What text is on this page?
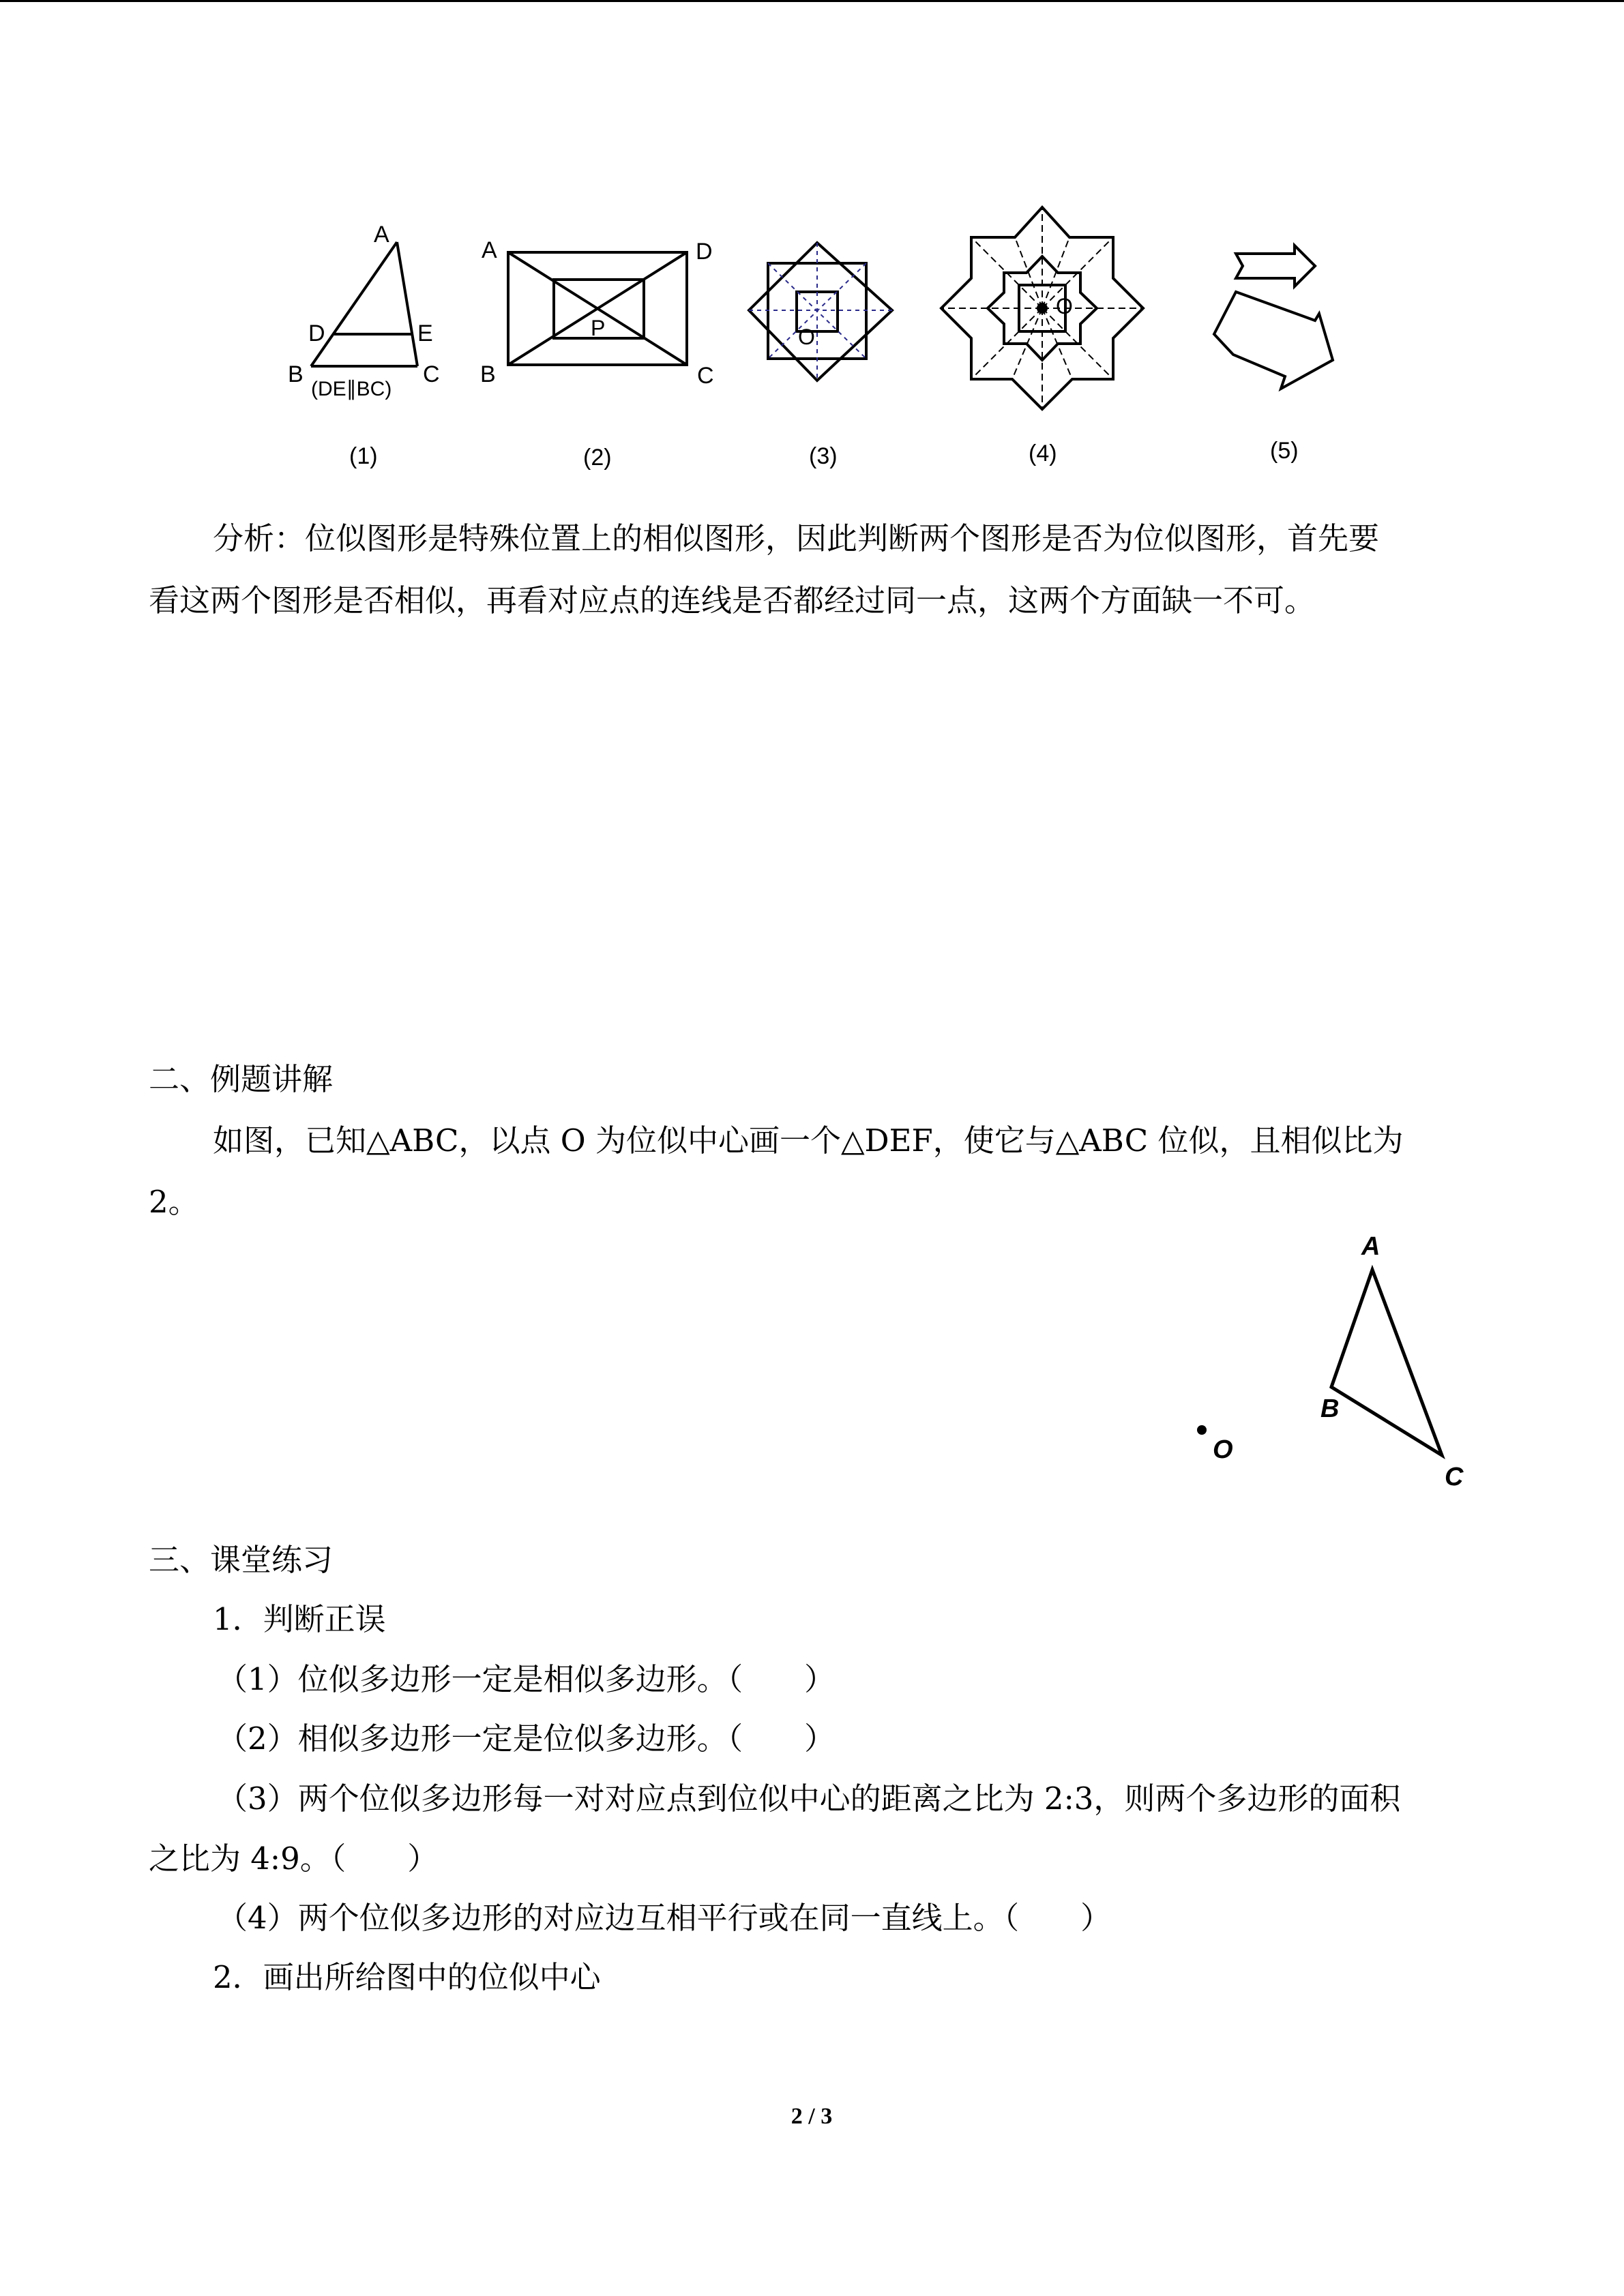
A
D	E
B	C
(DE∥BC)
A	D
B	C
P	O
O
(1)	(2)	(3)	(4)	(5)
分析：位似图形是特殊位置上的相似图形，因此判断两个图形是否为位似图形，首先要
看这两个图形是否相似，再看对应点的连线是否都经过同一点，这两个方面缺一不可。
二、例题讲解
如图，已知△ABC，以点 O 为位似中心画一个△DEF，使它与△ABC 位似，且相似比为
2。
A
B
C
O
三、课堂练习
1．判断正误
（1）位似多边形一定是相似多边形。（　　）
（2）相似多边形一定是位似多边形。（　　）
（3）两个位似多边形每一对对应点到位似中心的距离之比为 2:3，则两个多边形的面积
之比为 4:9。（　　）
（4）两个位似多边形的对应边互相平行或在同一直线上。（　　）
2．画出所给图中的位似中心
2 / 3
